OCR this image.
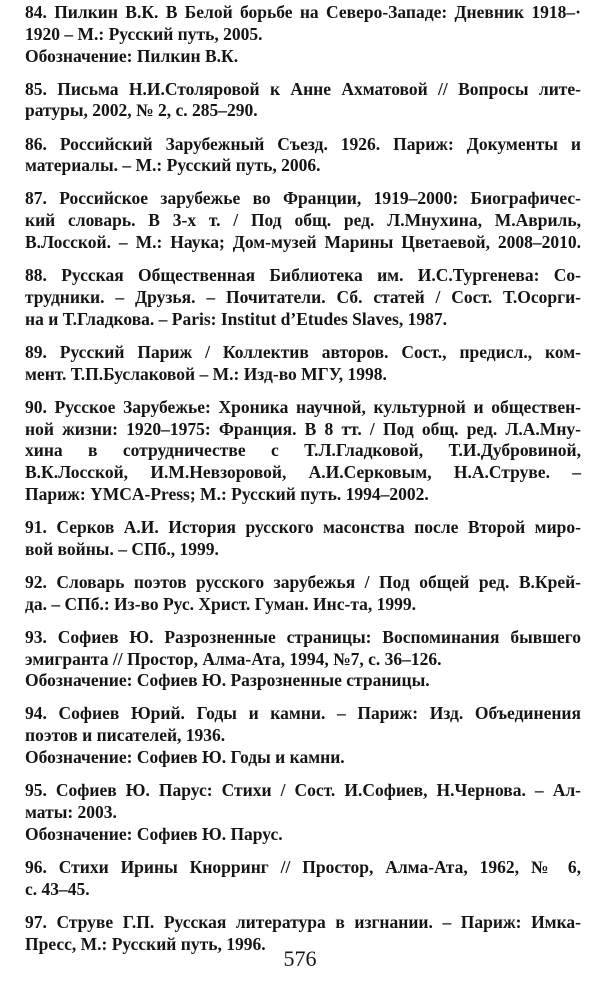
84. Пилкин В.К. В Белой борьбе на Северо-Западе: Дневник 1918–·
1920 – М.: Русский путь, 2005.
Обозначение: Пилкин В.К.
85. Письма Н.И.Столяровой к Анне Ахматовой // Вопросы лите-
ратуры, 2002, № 2, с. 285–290.
86. Российский Зарубежный Съезд. 1926. Париж: Документы и
материалы. – М.: Русский путь, 2006.
87. Российское зарубежье во Франции, 1919–2000: Биографичес-
кий словарь. В 3-х т. / Под общ. ред. Л.Мнухина, М.Авриль,
В.Лосской. – М.: Наука; Дом-музей Марины Цветаевой, 2008–2010.
88. Русская Общественная Библиотека им. И.С.Тургенева: Со-
трудники. – Друзья. – Почитатели. Сб. статей / Сост. Т.Осорги-
на и Т.Гладкова. – Paris: Institut d’Etudes Slaves, 1987.
89. Русский Париж / Коллектив авторов. Сост., предисл., ком-
мент. Т.П.Буслаковой – М.: Изд-во МГУ, 1998.
90. Русское Зарубежье: Хроника научной, культурной и обществен-
ной жизни: 1920–1975: Франция. В 8 тт. / Под общ. ред. Л.А.Мну-
хина в сотрудничестве с Т.Л.Гладковой, Т.И.Дубровиной,
В.К.Лосской, И.М.Невзоровой, А.И.Серковым, Н.А.Струве. –
Париж: YMCA-Press; М.: Русский путь. 1994–2002.
91. Серков А.И. История русского масонства после Второй миро-
вой войны. – СПб., 1999.
92. Словарь поэтов русского зарубежья / Под общей ред. В.Крей-
да. – СПб.: Из-во Рус. Христ. Гуман. Инс-та, 1999.
93. Софиев Ю. Разрозненные страницы: Воспоминания бывшего
эмигранта // Простор, Алма-Ата, 1994, №7, с. 36–126.
Обозначение: Софиев Ю. Разрозненные страницы.
94. Софиев Юрий. Годы и камни. – Париж: Изд. Объединения
поэтов и писателей, 1936.
Обозначение: Софиев Ю. Годы и камни.
95. Софиев Ю. Парус: Стихи / Сост. И.Софиев, Н.Чернова. – Ал-
маты: 2003.
Обозначение: Софиев Ю. Парус.
96. Стихи Ирины Кнорринг // Простор, Алма-Ата, 1962, № 6,
с. 43–45.
97. Струве Г.П. Русская литература в изгнании. – Париж: Имка-
Пресс, М.: Русский путь, 1996.
576
